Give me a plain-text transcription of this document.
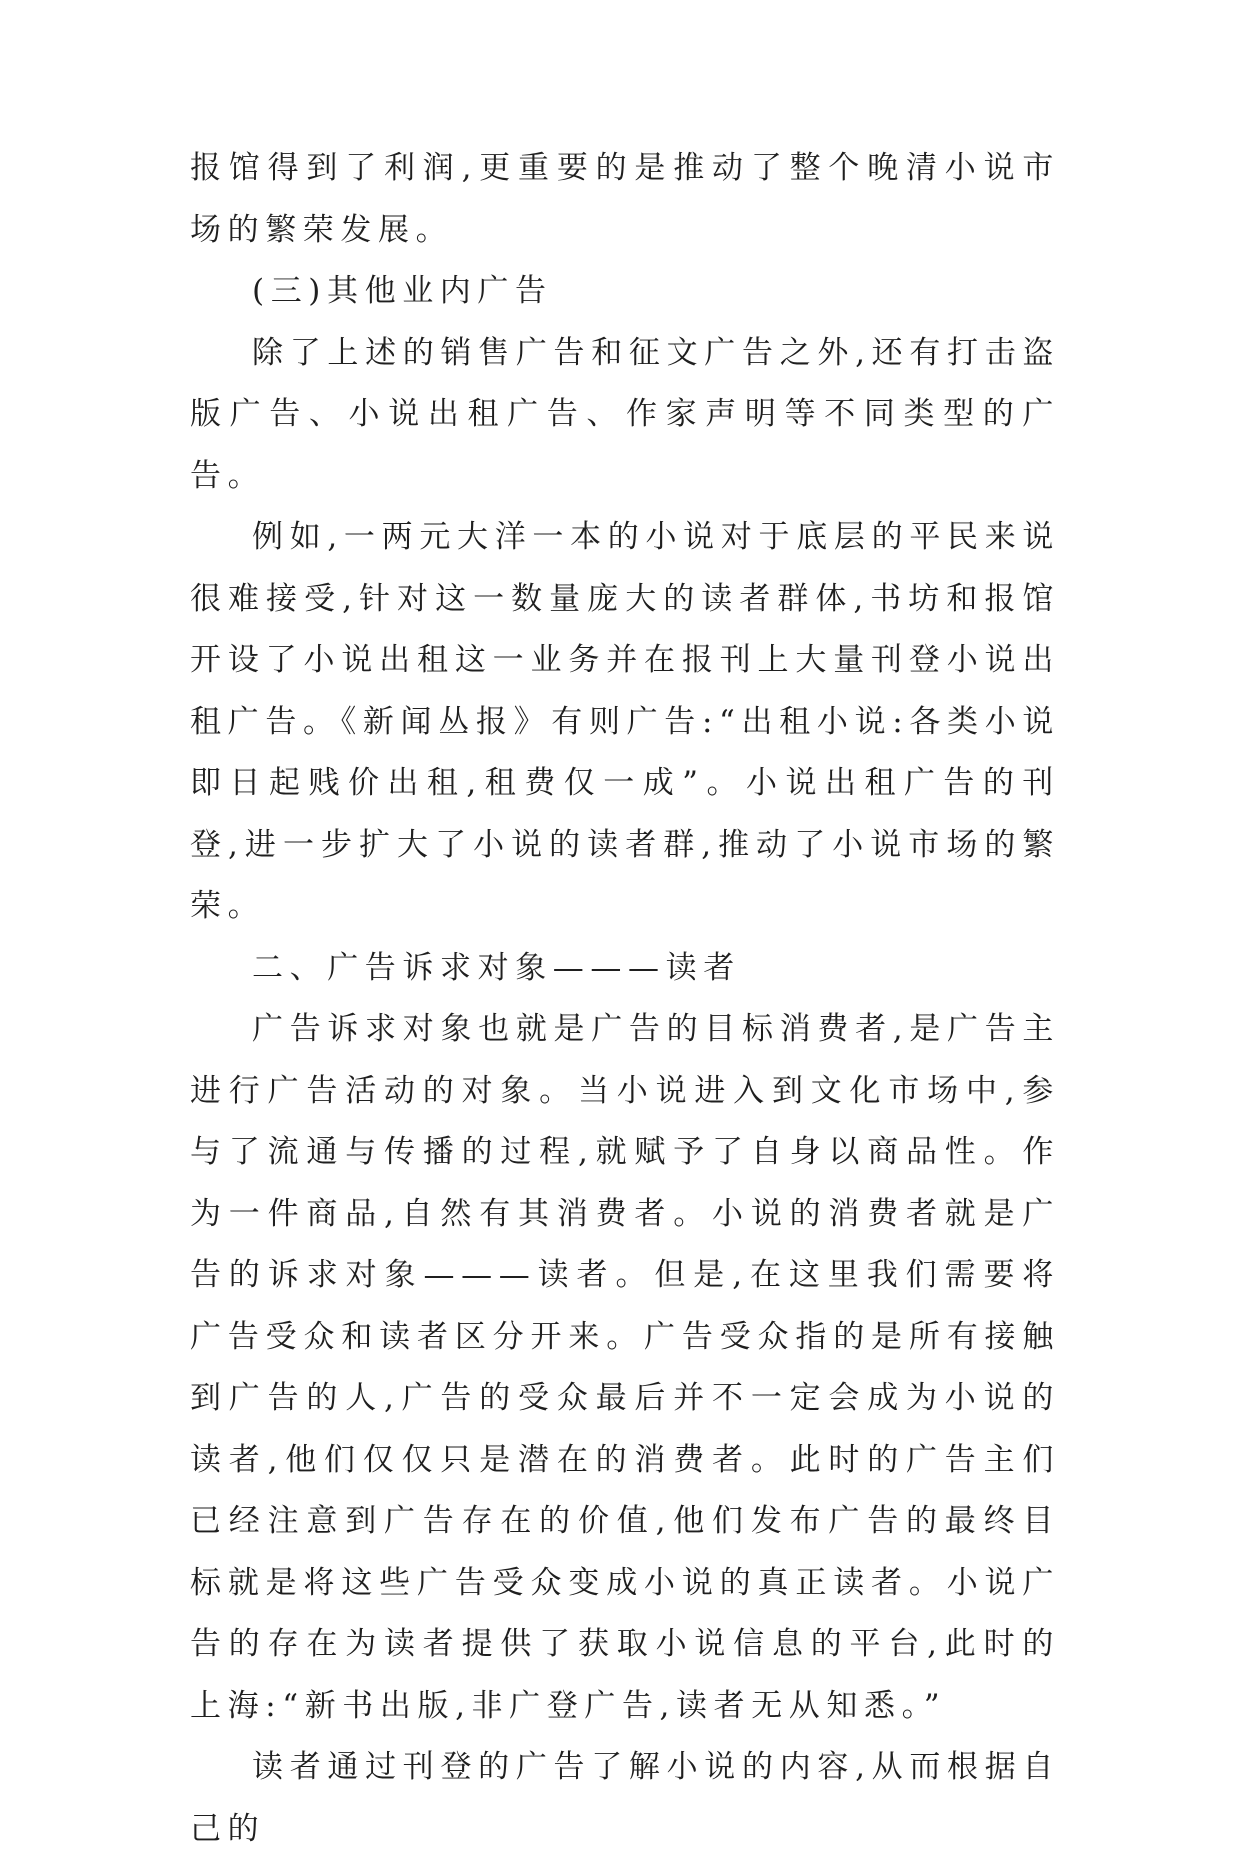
报馆得到了利润,更重要的是推动了整个晚清小说市场的繁荣发展。

(三)其他业内广告

除了上述的销售广告和征文广告之外,还有打击盗版广告、小说出租广告、作家声明等不同类型的广告。

例如,一两元大洋一本的小说对于底层的平民来说很难接受,针对这一数量庞大的读者群体,书坊和报馆开设了小说出租这一业务并在报刊上大量刊登小说出租广告。《新闻丛报》有则广告:“出租小说:各类小说即日起贱价出租,租费仅一成”。小说出租广告的刊登,进一步扩大了小说的读者群,推动了小说市场的繁荣。

二、广告诉求对象———读者

广告诉求对象也就是广告的目标消费者,是广告主进行广告活动的对象。当小说进入到文化市场中,参与了流通与传播的过程,就赋予了自身以商品性。作为一件商品,自然有其消费者。小说的消费者就是广告的诉求对象———读者。但是,在这里我们需要将广告受众和读者区分开来。广告受众指的是所有接触到广告的人,广告的受众最后并不一定会成为小说的读者,他们仅仅只是潜在的消费者。此时的广告主们已经注意到广告存在的价值,他们发布广告的最终目标就是将这些广告受众变成小说的真正读者。小说广告的存在为读者提供了获取小说信息的平台,此时的上海:“新书出版,非广登广告,读者无从知悉。”

读者通过刊登的广告了解小说的内容,从而根据自己的
